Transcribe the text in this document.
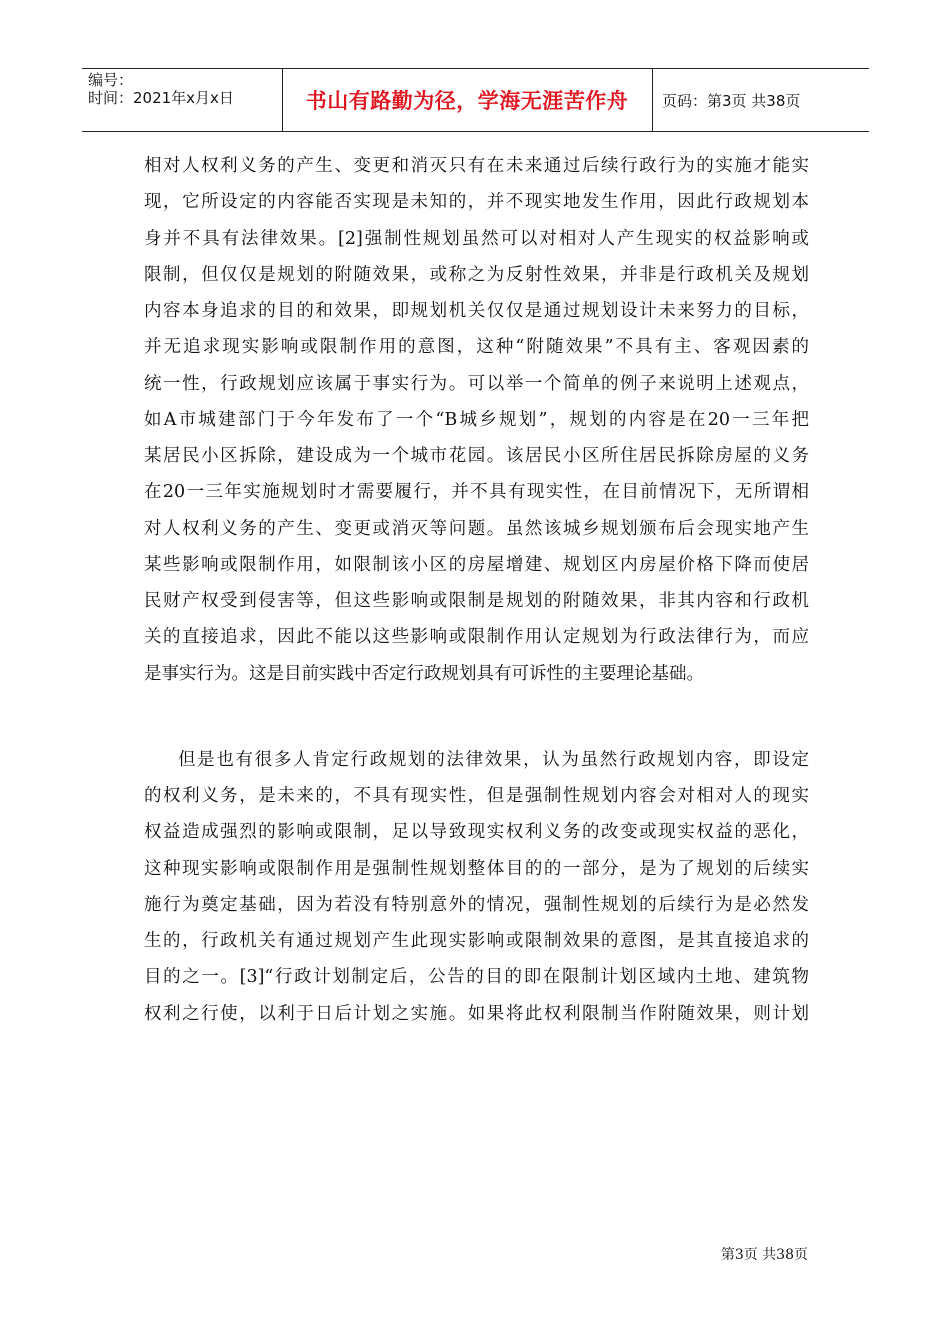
编号：
时间：2021年x月x日	书山有路勤为径，学海无涯苦作舟	页码：第3页 共38页
相对人权利义务的产生、变更和消灭只有在未来通过后续行政行为的实施才能实
现，它所设定的内容能否实现是未知的，并不现实地发生作用，因此行政规划本
身并不具有法律效果。[2]强制性规划虽然可以对相对人产生现实的权益影响或
限制，但仅仅是规划的附随效果，或称之为反射性效果，并非是行政机关及规划
内容本身追求的目的和效果，即规划机关仅仅是通过规划设计未来努力的目标，
并无追求现实影响或限制作用的意图，这种“附随效果”不具有主、客观因素的
统一性，行政规划应该属于事实行为。可以举一个简单的例子来说明上述观点，
如A市城建部门于今年发布了一个“B城乡规划”，规划的内容是在20一三年把
某居民小区拆除，建设成为一个城市花园。该居民小区所住居民拆除房屋的义务
在20一三年实施规划时才需要履行，并不具有现实性，在目前情况下，无所谓相
对人权利义务的产生、变更或消灭等问题。虽然该城乡规划颁布后会现实地产生
某些影响或限制作用，如限制该小区的房屋增建、规划区内房屋价格下降而使居
民财产权受到侵害等，但这些影响或限制是规划的附随效果，非其内容和行政机
关的直接追求，因此不能以这些影响或限制作用认定规划为行政法律行为，而应
是事实行为。这是目前实践中否定行政规划具有可诉性的主要理论基础。
但是也有很多人肯定行政规划的法律效果，认为虽然行政规划内容，即设定
的权利义务，是未来的，不具有现实性，但是强制性规划内容会对相对人的现实
权益造成强烈的影响或限制，足以导致现实权利义务的改变或现实权益的恶化，
这种现实影响或限制作用是强制性规划整体目的的一部分，是为了规划的后续实
施行为奠定基础，因为若没有特别意外的情况，强制性规划的后续行为是必然发
生的，行政机关有通过规划产生此现实影响或限制效果的意图，是其直接追求的
目的之一。[3]“行政计划制定后，公告的目的即在限制计划区域内土地、建筑物
权利之行使，以利于日后计划之实施。如果将此权利限制当作附随效果，则计划
第3页 共38页
